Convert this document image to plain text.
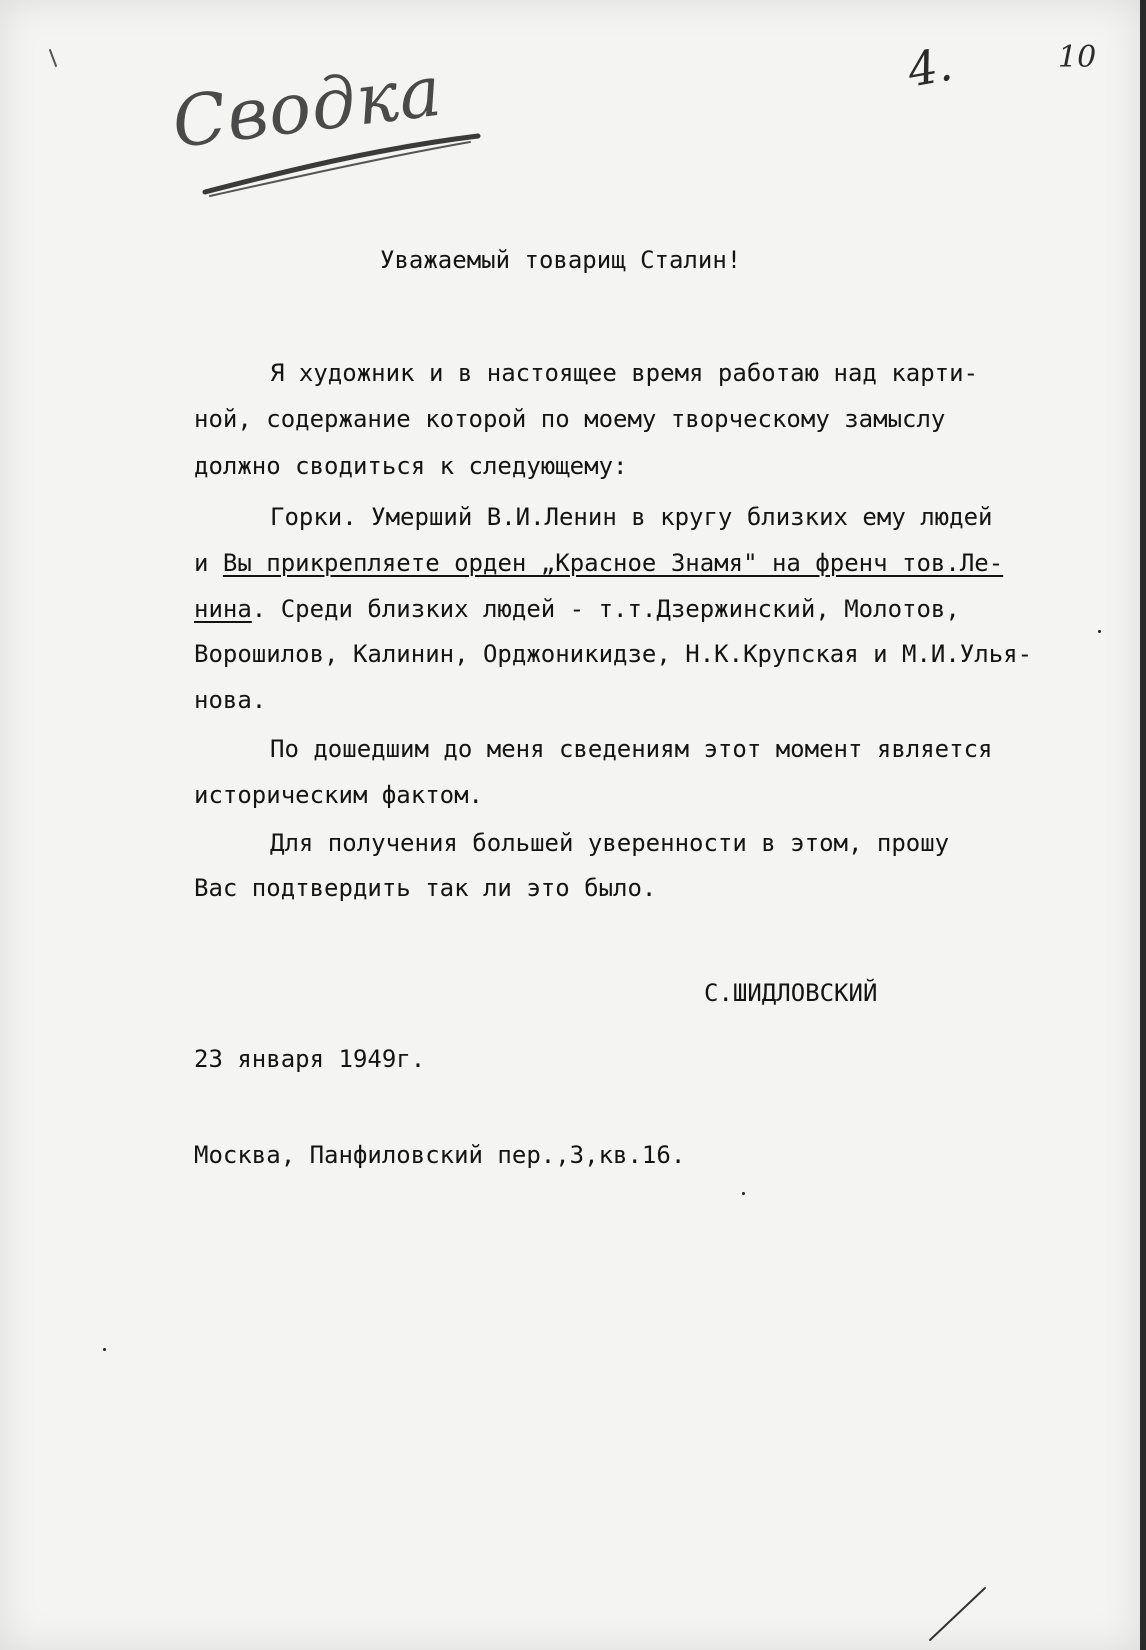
Сводка	4.	10
Уважаемый товарищ Сталин!
Я художник и в настоящее время работаю над карти-
ной, содержание которой по моему творческому замыслу
должно сводиться к следующему:
Горки. Умерший В.И.Ленин в кругу близких ему людей
и Вы прикрепляете орден „Красное Знамя" на френч тов.Ле-
нина. Среди близких людей - т.т.Дзержинский, Молотов,
Ворошилов, Калинин, Орджоникидзе, Н.К.Крупская и М.И.Улья-
нова.
По дошедшим до меня сведениям этот момент является
историческим фактом.
Для получения большей уверенности в этом, прошу
Вас подтвердить так ли это было.
С.ШИДЛОВСКИЙ
23 января 1949г.
Москва, Панфиловский пер.,3,кв.16.
